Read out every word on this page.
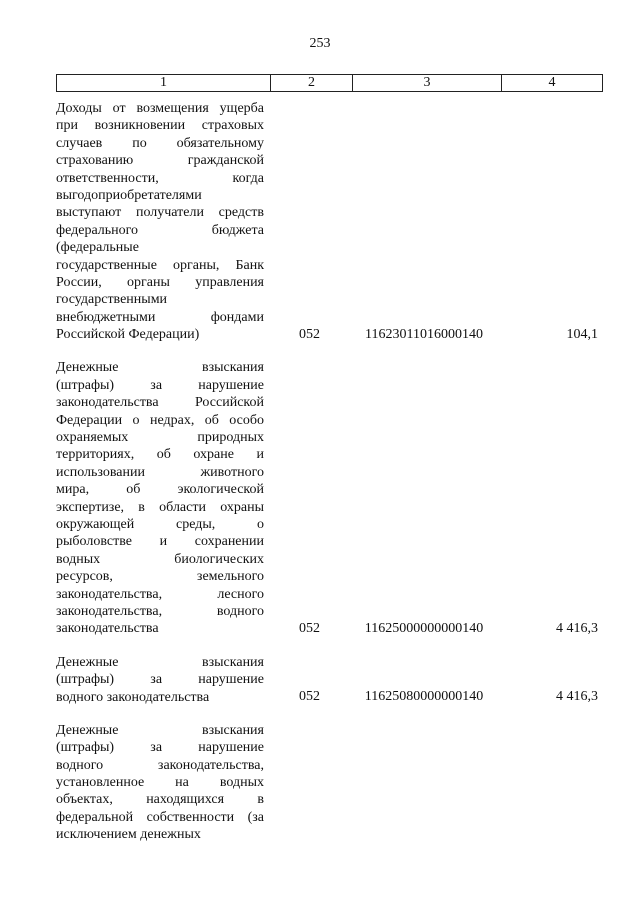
253
1	2	3	4
Доходы от возмещения ущерба
при возникновении страховых
случаев по обязательному
страхованию гражданской
ответственности, когда
выгодоприобретателями
выступают получатели средств
федерального бюджета
(федеральные
государственные органы, Банк
России, органы управления
государственными
внебюджетными фондами
Российской Федерации)	052	11623011016000140	104,1
Денежные взыскания
(штрафы) за нарушение
законодательства Российской
Федерации о недрах, об особо
охраняемых природных
территориях, об охране и
использовании животного
мира, об экологической
экспертизе, в области охраны
окружающей среды, о
рыболовстве и сохранении
водных биологических
ресурсов, земельного
законодательства, лесного
законодательства, водного
законодательства	052	11625000000000140	4 416,3
Денежные взыскания
(штрафы) за нарушение
водного законодательства	052	11625080000000140	4 416,3
Денежные взыскания
(штрафы) за нарушение
водного законодательства,
установленное на водных
объектах, находящихся в
федеральной собственности (за
исключением денежных
